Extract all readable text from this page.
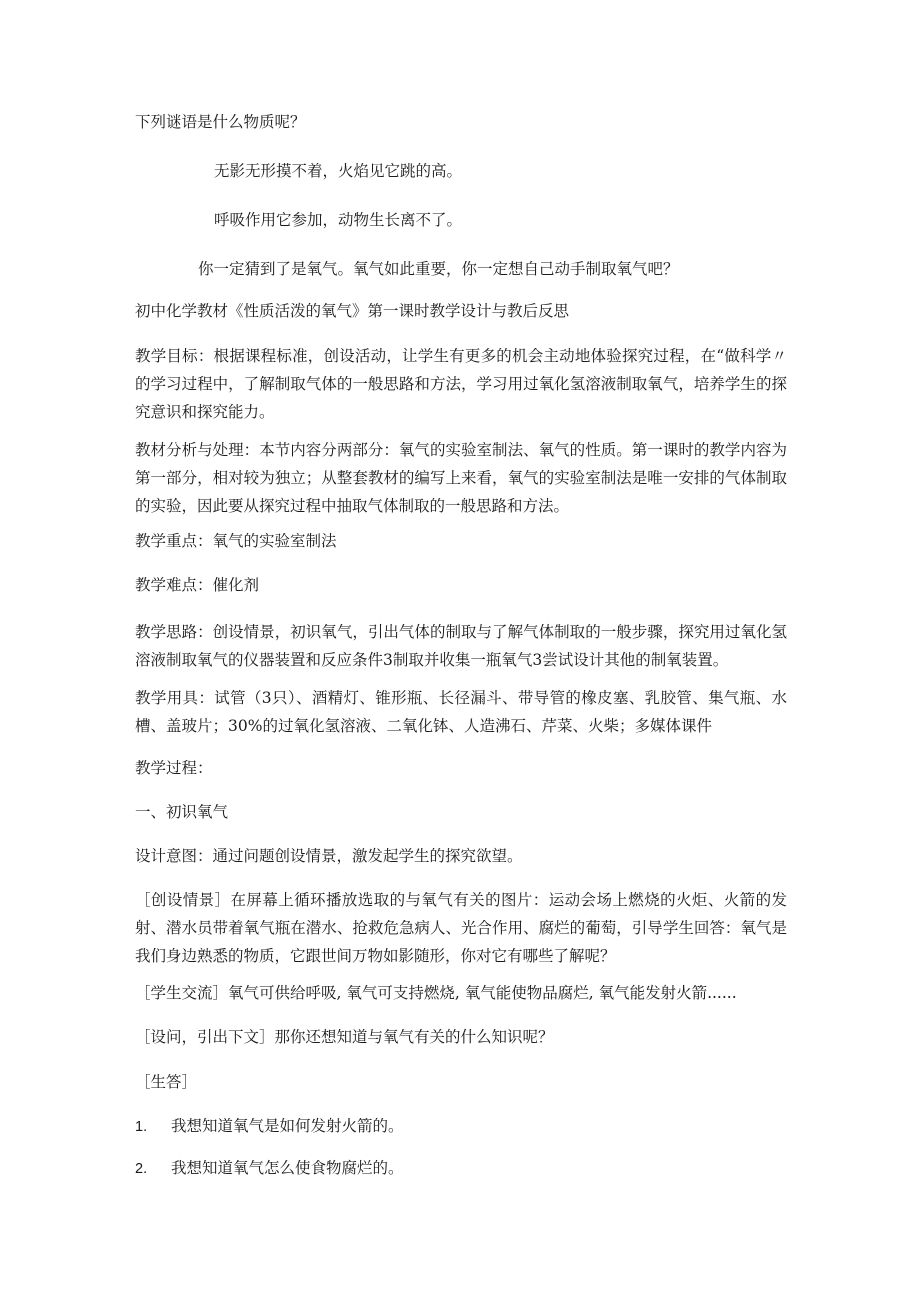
下列谜语是什么物质呢？
无影无形摸不着，火焰见它跳的高。
呼吸作用它参加，动物生长离不了。
你一定猜到了是氧气。氧气如此重要，你一定想自己动手制取氧气吧？
初中化学教材《性质活泼的氧气》第一课时教学设计与教后反思
教学目标：根据课程标准，创设活动，让学生有更多的机会主动地体验探究过程，在“做科学〃的学习过程中，了解制取气体的一般思路和方法，学习用过氧化氢溶液制取氧气，培养学生的探究意识和探究能力。
教材分析与处理：本节内容分两部分：氧气的实验室制法、氧气的性质。第一课时的教学内容为第一部分，相对较为独立；从整套教材的编写上来看，氧气的实验室制法是唯一安排的气体制取的实验，因此要从探究过程中抽取气体制取的一般思路和方法。
教学重点：氧气的实验室制法
教学难点：催化剂
教学思路：创设情景，初识氧气，引出气体的制取与了解气体制取的一般步骤，探究用过氧化氢溶液制取氧气的仪器装置和反应条件3制取并收集一瓶氧气3尝试设计其他的制氧装置。
教学用具：试管（3只）、酒精灯、锥形瓶、长径漏斗、带导管的橡皮塞、乳胶管、集气瓶、水槽、盖玻片；30%的过氧化氢溶液、二氧化钵、人造沸石、芹菜、火柴；多媒体课件
教学过程：
一、初识氧气
设计意图：通过问题创设情景，激发起学生的探究欲望。
［创设情景］在屏幕上循环播放选取的与氧气有关的图片：运动会场上燃烧的火炬、火箭的发射、潜水员带着氧气瓶在潜水、抢救危急病人、光合作用、腐烂的葡萄，引导学生回答：氧气是我们身边熟悉的物质，它跟世间万物如影随形，你对它有哪些了解呢？
［学生交流］氧气可供给呼吸, 氧气可支持燃烧, 氧气能使物品腐烂, 氧气能发射火箭......
［设问，引出下文］那你还想知道与氧气有关的什么知识呢？
［生答］
1. 我想知道氧气是如何发射火箭的。
2. 我想知道氧气怎么使食物腐烂的。
